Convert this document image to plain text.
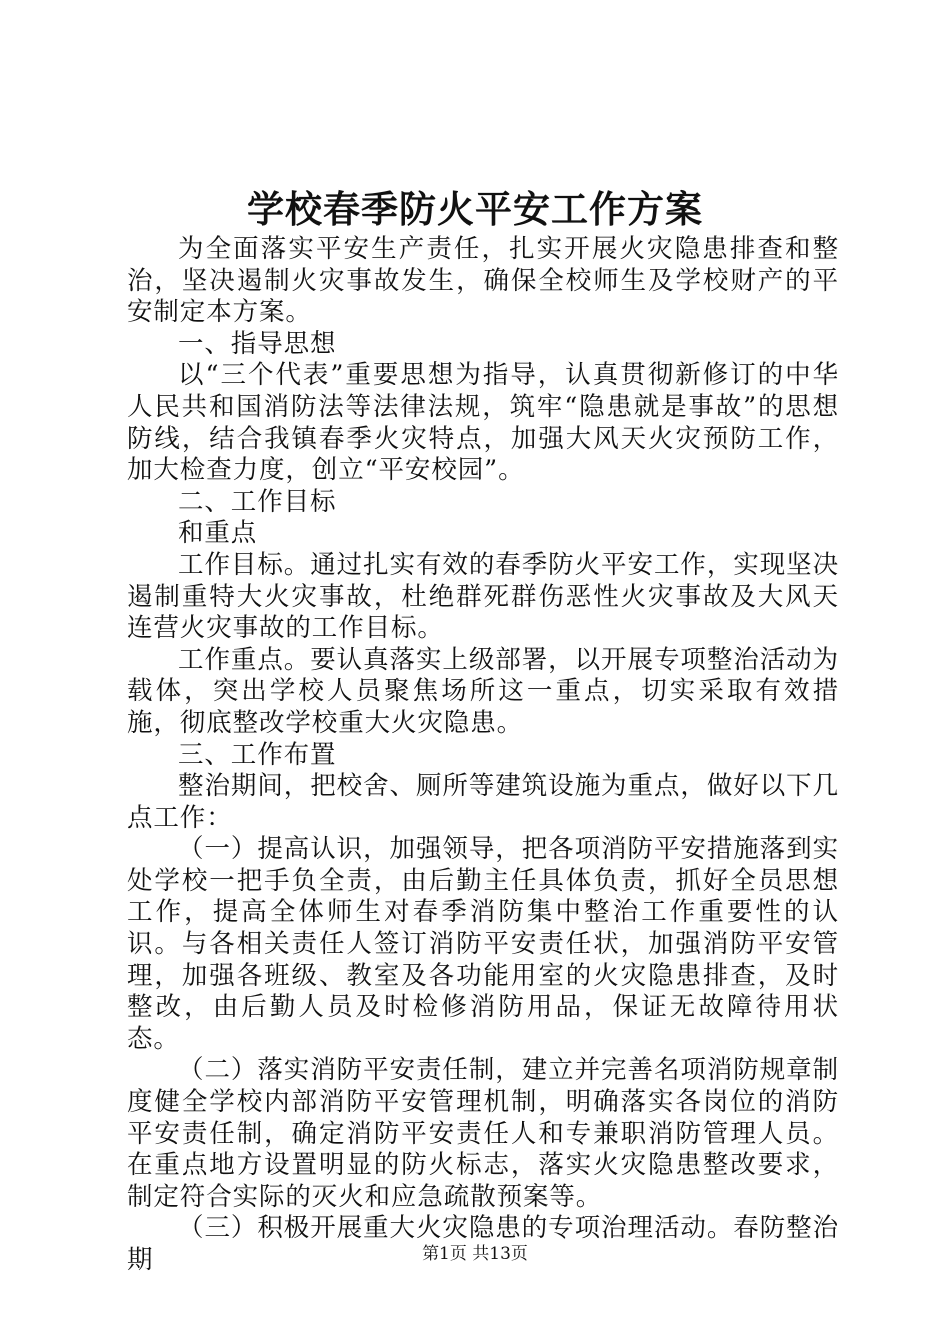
学校春季防火平安工作方案

为全面落实平安生产责任，扎实开展火灾隐患排查和整治，坚决遏制火灾事故发生，确保全校师生及学校财产的平安制定本方案。

一、指导思想

以“三个代表”重要思想为指导，认真贯彻新修订的中华人民共和国消防法等法律法规，筑牢“隐患就是事故”的思想防线，结合我镇春季火灾特点，加强大风天火灾预防工作，加大检查力度，创立“平安校园”。

二、工作目标

和重点

工作目标。通过扎实有效的春季防火平安工作，实现坚决遏制重特大火灾事故，杜绝群死群伤恶性火灾事故及大风天连营火灾事故的工作目标。

工作重点。要认真落实上级部署，以开展专项整治活动为载体，突出学校人员聚焦场所这一重点，切实采取有效措施，彻底整改学校重大火灾隐患。

三、工作布置

整治期间，把校舍、厕所等建筑设施为重点，做好以下几点工作：

（一）提高认识，加强领导，把各项消防平安措施落到实处学校一把手负全责，由后勤主任具体负责，抓好全员思想工作，提高全体师生对春季消防集中整治工作重要性的认识。与各相关责任人签订消防平安责任状，加强消防平安管理，加强各班级、教室及各功能用室的火灾隐患排查，及时整改，由后勤人员及时检修消防用品，保证无故障待用状态。

（二）落实消防平安责任制，建立并完善名项消防规章制度健全学校内部消防平安管理机制，明确落实各岗位的消防平安责任制，确定消防平安责任人和专兼职消防管理人员。在重点地方设置明显的防火标志，落实火灾隐患整改要求，制定符合实际的灭火和应急疏散预案等。

（三）积极开展重大火灾隐患的专项治理活动。春防整治期	第1页 共13页
